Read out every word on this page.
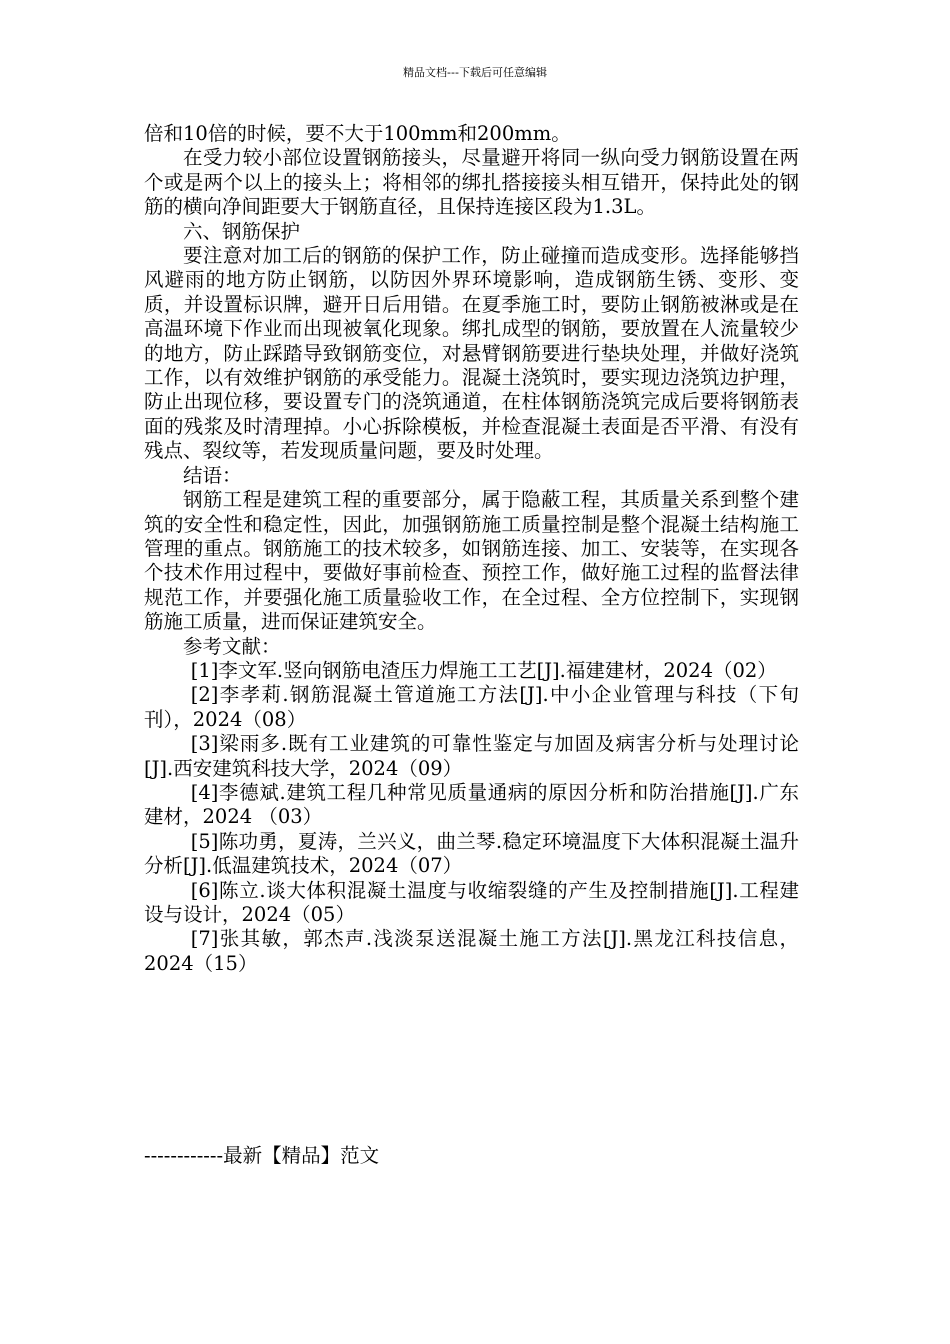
精品文档---下载后可任意编辑

倍和10倍的时候，要不大于100mm和200mm。

在受力较小部位设置钢筋接头，尽量避开将同一纵向受力钢筋设置在两个或是两个以上的接头上；将相邻的绑扎搭接接头相互错开，保持此处的钢筋的横向净间距要大于钢筋直径，且保持连接区段为1.3L。

六、钢筋保护

要注意对加工后的钢筋的保护工作，防止碰撞而造成变形。选择能够挡风避雨的地方防止钢筋，以防因外界环境影响，造成钢筋生锈、变形、变质，并设置标识牌，避开日后用错。在夏季施工时，要防止钢筋被淋或是在高温环境下作业而出现被氧化现象。绑扎成型的钢筋，要放置在人流量较少的地方，防止踩踏导致钢筋变位，对悬臂钢筋要进行垫块处理，并做好浇筑工作，以有效维护钢筋的承受能力。混凝土浇筑时，要实现边浇筑边护理，防止出现位移，要设置专门的浇筑通道，在柱体钢筋浇筑完成后要将钢筋表面的残浆及时清理掉。小心拆除模板，并检查混凝土表面是否平滑、有没有残点、裂纹等，若发现质量问题，要及时处理。

结语：

钢筋工程是建筑工程的重要部分，属于隐蔽工程，其质量关系到整个建筑的安全性和稳定性，因此，加强钢筋施工质量控制是整个混凝土结构施工管理的重点。钢筋施工的技术较多，如钢筋连接、加工、安装等，在实现各个技术作用过程中，要做好事前检查、预控工作，做好施工过程的监督法律规范工作，并要强化施工质量验收工作，在全过程、全方位控制下，实现钢筋施工质量，进而保证建筑安全。

参考文献：

[1]李文军.竖向钢筋电渣压力焊施工工艺[J].福建建材，2024（02）

[2]李孝莉.钢筋混凝土管道施工方法[J].中小企业管理与科技（下旬刊），2024（08）

[3]梁雨多.既有工业建筑的可靠性鉴定与加固及病害分析与处理讨论[J].西安建筑科技大学，2024（09）

[4]李德斌.建筑工程几种常见质量通病的原因分析和防治措施[J].广东建材，2024 （03）

[5]陈功勇，夏涛，兰兴义，曲兰琴.稳定环境温度下大体积混凝土温升分析[J].低温建筑技术，2024（07）

[6]陈立.谈大体积混凝土温度与收缩裂缝的产生及控制措施[J].工程建设与设计，2024（05）

[7]张其敏，郭杰声.浅淡泵送混凝土施工方法[J].黑龙江科技信息，2024（15）

------------最新【精品】范文
